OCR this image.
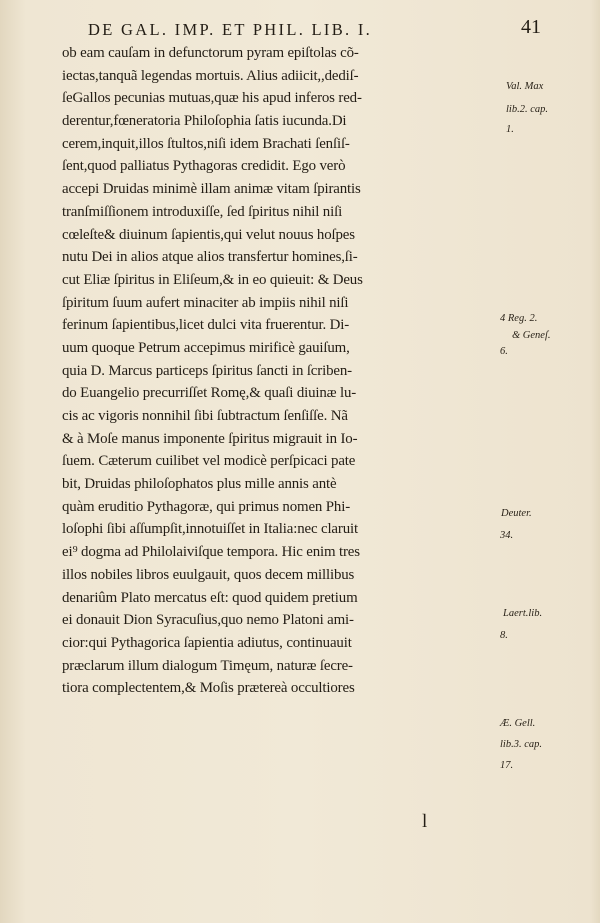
DE GAL. IMP. ET PHIL. LIB. I.	41
ob eam cauſam in defunctorum pyram epiſtolas cõ-
iectas,tanquã legendas mortuis. Alius adiicit,,dediſ-
ſeGallos pecunias mutuas,quæ his apud inferos red-
derentur,fœneratoria Philoſophia ſatis iucunda.Di
cerem,inquit,illos ſtultos,niſi idem Brachati ſenſiſ-
ſent,quod palliatus Pythagoras credidit. Ego verò
accepi Druidas minimè illam animæ vitam ſpirantis
tranſmiſſionem introduxiſſe, ſed ſpiritus nihil niſi
cœleſte& diuinum ſapientis,qui velut nouus hoſpes
nutu Dei in alios atque alios transfertur homines,ſi-
cut Eliæ ſpiritus in Eliſeum,& in eo quieuit: & Deus
ſpiritum ſuum aufert minaciter ab impiis nihil niſi
ferinum ſapientibus,licet dulci vita fruerentur. Di-
uum quoque Petrum accepimus mirificè gauiſum,
quia D. Marcus particeps ſpiritus ſancti in ſcriben-
do Euangelio precurriſſet Romę,& quaſi diuinæ lu-
cis ac vigoris nonnihil ſibi ſubtractum ſenſiſſe. Nã
& à Moſe manus imponente ſpiritus migrauit in Io-
ſuem. Cæterum cuilibet vel modicè perſpicaci pate
bit, Druidas philoſophatos plus mille annis antè
quàm eruditio Pythagoræ, qui primus nomen Phi-
loſophi ſibi aſſumpſit,innotuiſſet in Italia:nec claruit
ei⁹ dogma ad Philolaiviſque tempora. Hic enim tres
illos nobiles libros euulgauit, quos decem millibus
denariûm Plato mercatus eſt: quod quidem pretium
ei donauit Dion Syracuſius,quo nemo Platoni ami-
cior:qui Pythagorica ſapientia adiutus, continuauit
præclarum illum dialogum Timęum, naturæ ſecre-
tiora complectentem,& Moſis prætereà occultiores
Val. Max
lib.2. cap.
1.
4 Reg. 2.
& Geneſ.
6.
Deuter.
34.
Laert.lib.
8.
Æ. Gell.
lib.3. cap.
17.
l
